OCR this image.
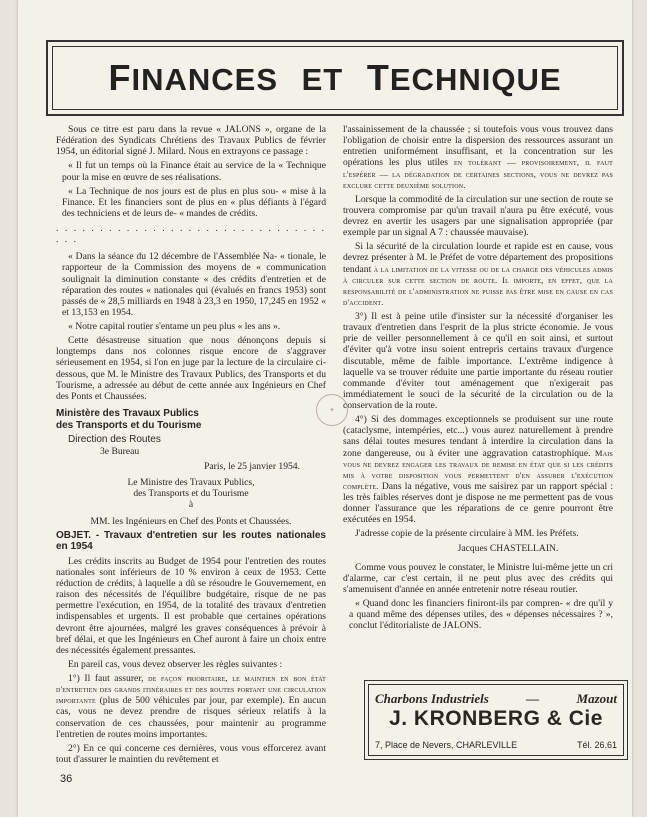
FINANCES ET TECHNIQUE

Sous ce titre est paru dans la revue « JALONS », organe de la Fédération des Syndicats Chrétiens des Travaux Publics de février 1954, un éditorial signé J. Milard. Nous en extrayons ce passage :

« Il fut un temps où la Finance était au service de la « Technique pour la mise en œuvre de ses réalisations.

« La Technique de nos jours est de plus en plus sou- « mise à la Finance. Et les financiers sont de plus en « plus défiants à l'égard des techniciens et de leurs de- « mandes de crédits.

. . . . . . . . . . . . . . . . . . . . . . . . . . . . . . . . . .

« Dans la séance du 12 décembre de l'Assemblée Na- « tionale, le rapporteur de la Commission des moyens de « communication soulignait la diminution constante « des crédits d'entretien et de réparation des routes « nationales qui (évalués en francs 1953) sont passés de « 28,5 milliards en 1948 à 23,3 en 1950, 17,245 en 1952 « et 13,153 en 1954.

« Notre capital routier s'entame un peu plus « les ans ».

Cette désastreuse situation que nous dénonçons depuis si longtemps dans nos colonnes risque encore de s'aggraver sérieusement en 1954, si l'on en juge par la lecture de la circulaire ci-dessous, que M. le Ministre des Travaux Publics, des Transports et du Tourisme, a adressée au début de cette année aux Ingénieurs en Chef des Ponts et Chaussées.

Ministère des Travaux Publics
des Transports et du Tourisme
Direction des Routes
3e Bureau

Paris, le 25 janvier 1954.

Le Ministre des Travaux Publics,
des Transports et du Tourisme
à

MM. les Ingénieurs en Chef des Ponts et Chaussées.

OBJET. - Travaux d'entretien sur les routes nationales en 1954

Les crédits inscrits au Budget de 1954 pour l'entretien des routes nationales sont inférieurs de 10 % environ à ceux de 1953. Cette réduction de crédits, à laquelle a dû se résoudre le Gouvernement, en raison des nécessités de l'équilibre budgétaire, risque de ne pas permettre l'exécution, en 1954, de la totalité des travaux d'entretien indispensables et urgents. Il est probable que certaines opérations devront être ajournées, malgré les graves conséquences à prévoir à bref délai, et que les Ingénieurs en Chef auront à faire un choix entre des nécessités également pressantes.

En pareil cas, vous devez observer les règles suivantes :

1°) Il faut assurer, de façon prioritaire, le maintien en bon état d'entretien des grands itinéraires et des routes portant une circulation importante (plus de 500 véhicules par jour, par exemple). En aucun cas, vous ne devez prendre de risques sérieux relatifs à la conservation de ces chaussées, pour maintenir au programme l'entretien de routes moins importantes.

2°) En ce qui concerne ces dernières, vous vous efforcerez avant tout d'assurer le maintien du revêtement et

✦

l'assainissement de la chaussée ; si toutefois vous vous trouvez dans l'obligation de choisir entre la dispersion des ressources assurant un entretien uniformément insuffisant, et la concentration sur les opérations les plus utiles en tolérant — provisoirement, il faut l'espérer — la dégradation de certaines sections, vous ne devrez pas exclure cette deuxième solution.

Lorsque la commodité de la circulation sur une section de route se trouvera compromise par qu'un travail n'aura pu être exécuté, vous devrez en avertir les usagers par une signalisation appropriée (par exemple par un signal A 7 : chaussée mauvaise).

Si la sécurité de la circulation lourde et rapide est en cause, vous devrez présenter à M. le Préfet de votre département des propositions tendant à la limitation de la vitesse ou de la charge des véhicules admis à circuler sur cette section de route. Il importe, en effet, que la responsabilité de l'administration ne puisse pas être mise en cause en cas d'accident.

3°) Il est à peine utile d'insister sur la nécessité d'organiser les travaux d'entretien dans l'esprit de la plus stricte économie. Je vous prie de veiller personnellement à ce qu'il en soit ainsi, et surtout d'éviter qu'à votre insu soient entrepris certains travaux d'urgence discutable, même de faible importance. L'extrême indigence à laquelle va se trouver réduite une partie importante du réseau routier commande d'éviter tout aménagement que n'exigerait pas immédiatement le souci de la sécurité de la circulation ou de la conservation de la route.

4°) Si des dommages exceptionnels se produisent sur une route (cataclysme, intempéries, etc...) vous aurez naturellement à prendre sans délai toutes mesures tendant à interdire la circulation dans la zone dangereuse, ou à éviter une aggravation catastrophique. Mais vous ne devrez engager les travaux de remise en état que si les crédits mis à votre disposition vous permettent d'en assurer l'exécution complète. Dans la négative, vous me saisirez par un rapport spécial : les très faibles réserves dont je dispose ne me permettent pas de vous donner l'assurance que les réparations de ce genre pourront être exécutées en 1954.

J'adresse copie de la présente circulaire à MM. les Préfets.

Jacques CHASTELLAIN.

Comme vous pouvez le constater, le Ministre lui-même jette un cri d'alarme, car c'est certain, il ne peut plus avec des crédits qui s'amenuisent d'année en année entretenir notre réseau routier.

« Quand donc les financiers finiront-ils par compren- « dre qu'il y a quand même des dépenses utiles, des « dépenses nécessaires ? », conclut l'éditorialiste de JALONS.

Charbons Industriels	—	Mazout
J. KRONBERG & Cie
7, Place de Nevers, CHARLEVILLE	Tél. 26.61
36
